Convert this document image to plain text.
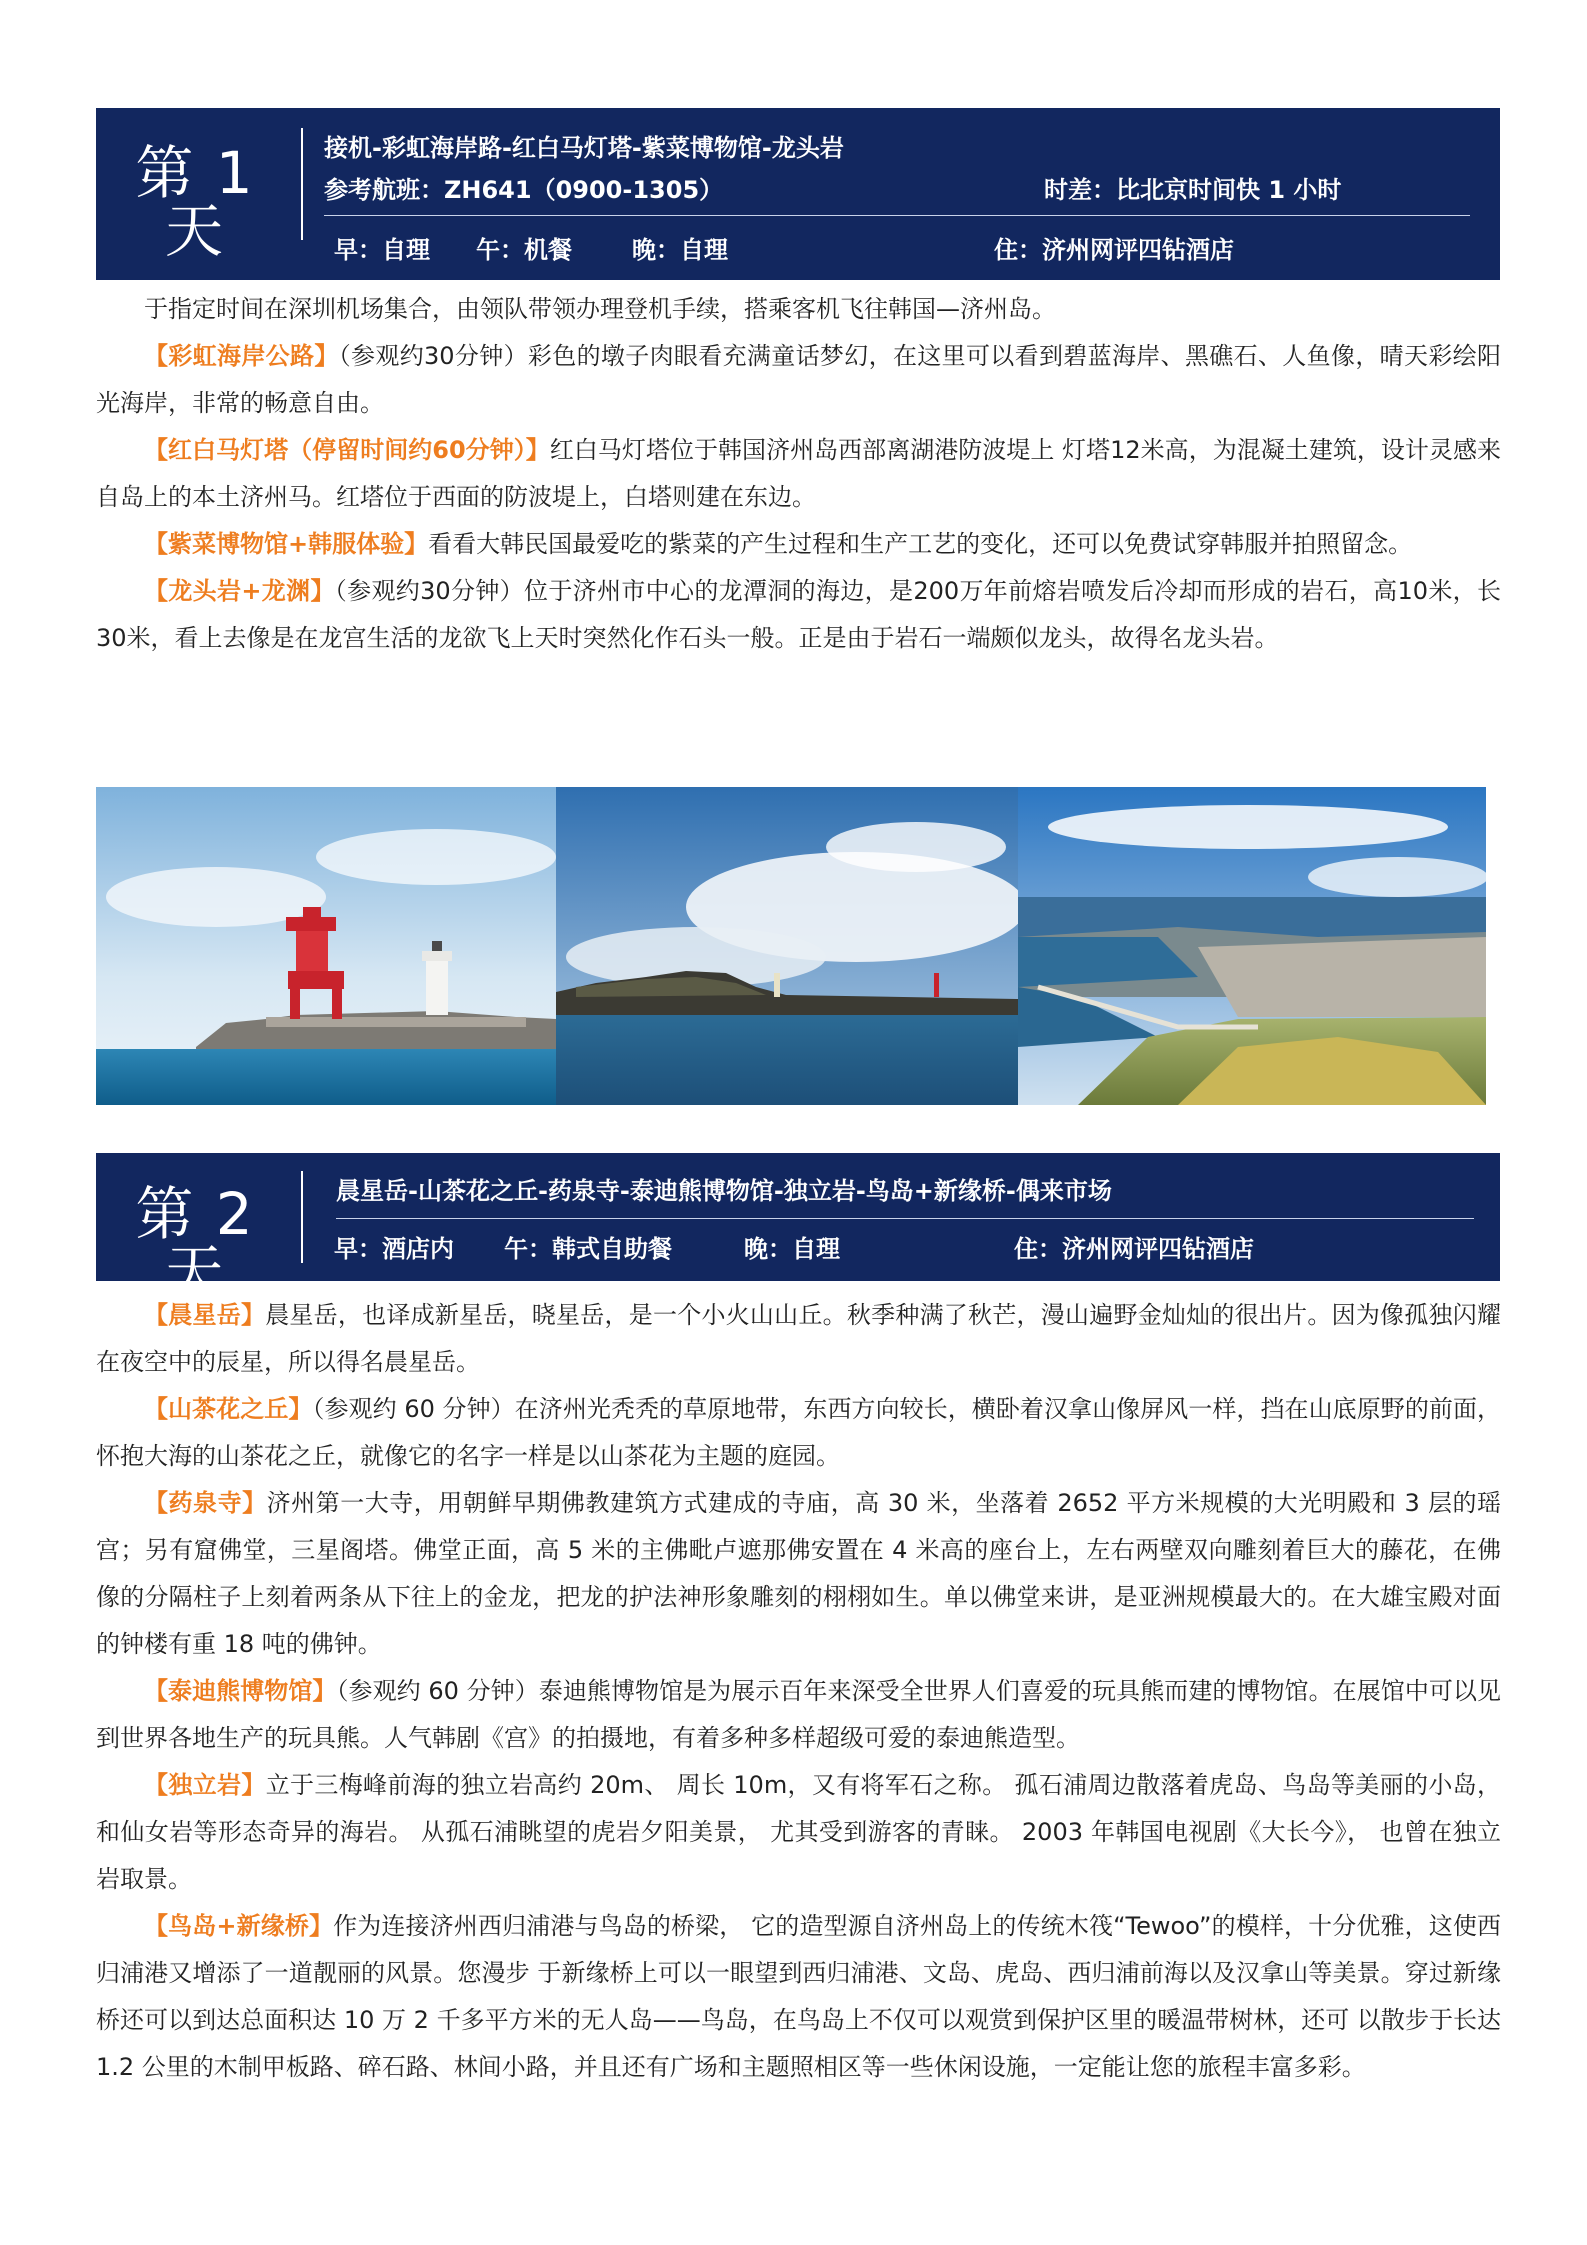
第 1 天
接机-彩虹海岸路-红白马灯塔-紫菜博物馆-龙头岩
参考航班：ZH641（0900-1305）	时差：比北京时间快 1 小时
早：自理 午：机餐	晚：自理	住：济州网评四钻酒店

于指定时间在深圳机场集合，由领队带领办理登机手续，搭乘客机飞往韩国—济州岛。

【彩虹海岸公路】（参观约30分钟）彩色的墩子肉眼看充满童话梦幻，在这里可以看到碧蓝海岸、黑礁石、人鱼像，晴天彩绘阳光海岸，非常的畅意自由。

【红白马灯塔（停留时间约60分钟）】红白马灯塔位于韩国济州岛西部离湖港防波堤上 灯塔12米高，为混凝土建筑，设计灵感来自岛上的本土济州马。红塔位于西面的防波堤上，白塔则建在东边。

【紫菜博物馆+韩服体验】看看大韩民国最爱吃的紫菜的产生过程和生产工艺的变化，还可以免费试穿韩服并拍照留念。

【龙头岩+龙渊】（参观约30分钟）位于济州市中心的龙潭洞的海边，是200万年前熔岩喷发后冷却而形成的岩石，高10米，长30米，看上去像是在龙宫生活的龙欲飞上天时突然化作石头一般。正是由于岩石一端颇似龙头，故得名龙头岩。

第 2 天
晨星岳-山茶花之丘-药泉寺-泰迪熊博物馆-独立岩-鸟岛+新缘桥-偶来市场
早：酒店内 午：韩式自助餐	晚：自理	住：济州网评四钻酒店

【晨星岳】晨星岳，也译成新星岳，晓星岳，是一个小火山山丘。秋季种满了秋芒，漫山遍野金灿灿的很出片。因为像孤独闪耀在夜空中的辰星，所以得名晨星岳。

【山茶花之丘】（参观约 60 分钟）在济州光秃秃的草原地带，东西方向较长，横卧着汉拿山像屏风一样，挡在山底原野的前面，怀抱大海的山茶花之丘，就像它的名字一样是以山茶花为主题的庭园。

【药泉寺】济州第一大寺，用朝鲜早期佛教建筑方式建成的寺庙，高 30 米，坐落着 2652 平方米规模的大光明殿和 3 层的瑶宫；另有窟佛堂，三星阁塔。佛堂正面，高 5 米的主佛毗卢遮那佛安置在 4 米高的座台上，左右两壁双向雕刻着巨大的藤花，在佛像的分隔柱子上刻着两条从下往上的金龙，把龙的护法神形象雕刻的栩栩如生。单以佛堂来讲，是亚洲规模最大的。在大雄宝殿对面的钟楼有重 18 吨的佛钟。

【泰迪熊博物馆】（参观约 60 分钟）泰迪熊博物馆是为展示百年来深受全世界人们喜爱的玩具熊而建的博物馆。在展馆中可以见到世界各地生产的玩具熊。人气韩剧《宫》的拍摄地，有着多种多样超级可爱的泰迪熊造型。

【独立岩】立于三梅峰前海的独立岩高约 20m、 周长 10m，又有将军石之称。 孤石浦周边散落着虎岛、鸟岛等美丽的小岛， 和仙女岩等形态奇异的海岩。 从孤石浦眺望的虎岩夕阳美景， 尤其受到游客的青睐。 2003 年韩国电视剧《大长今》， 也曾在独立岩取景。

【鸟岛+新缘桥】作为连接济州西归浦港与鸟岛的桥梁， 它的造型源自济州岛上的传统木筏“Tewoo”的模样，十分优雅，这使西归浦港又增添了一道靓丽的风景。您漫步 于新缘桥上可以一眼望到西归浦港、文岛、虎岛、西归浦前海以及汉拿山等美景。穿过新缘桥还可以到达总面积达 10 万 2 千多平方米的无人岛——鸟岛，在鸟岛上不仅可以观赏到保护区里的暖温带树林，还可 以散步于长达 1.2 公里的木制甲板路、碎石路、林间小路，并且还有广场和主题照相区等一些休闲设施，一定能让您的旅程丰富多彩。
